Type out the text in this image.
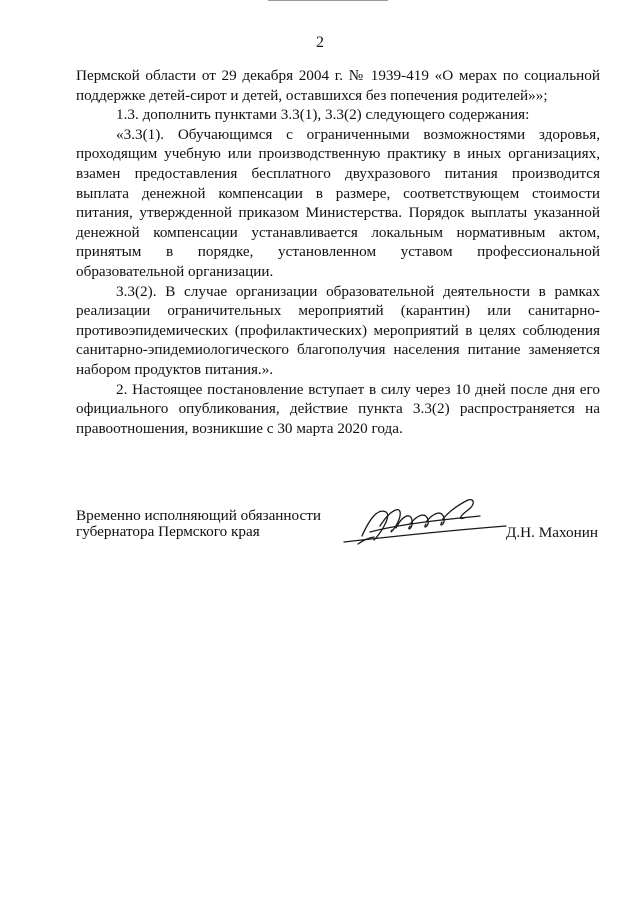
2

Пермской области от 29 декабря 2004 г. № 1939-419 «О мерах по социальной поддержке детей-сирот и детей, оставшихся без попечения родителей»»;

1.3. дополнить пунктами 3.3(1), 3.3(2) следующего содержания:

«3.3(1). Обучающимся с ограниченными возможностями здоровья, проходящим учебную или производственную практику в иных организациях, взамен предоставления бесплатного двухразового питания производится выплата денежной компенсации в размере, соответствующем стоимости питания, утвержденной приказом Министерства. Порядок выплаты указанной денежной компенсации устанавливается локальным нормативным актом, принятым в порядке, установленном уставом профессиональной образовательной организации.

3.3(2). В случае организации образовательной деятельности в рамках реализации ограничительных мероприятий (карантин) или санитарно-противоэпидемических (профилактических) мероприятий в целях соблюдения санитарно-эпидемиологического благополучия населения питание заменяется набором продуктов питания.».

2. Настоящее постановление вступает в силу через 10 дней после дня его официального опубликования, действие пункта 3.3(2) распространяется на правоотношения, возникшие с 30 марта 2020 года.

Временно исполняющий обязанности
губернатора Пермского края	Д.Н. Махонин
